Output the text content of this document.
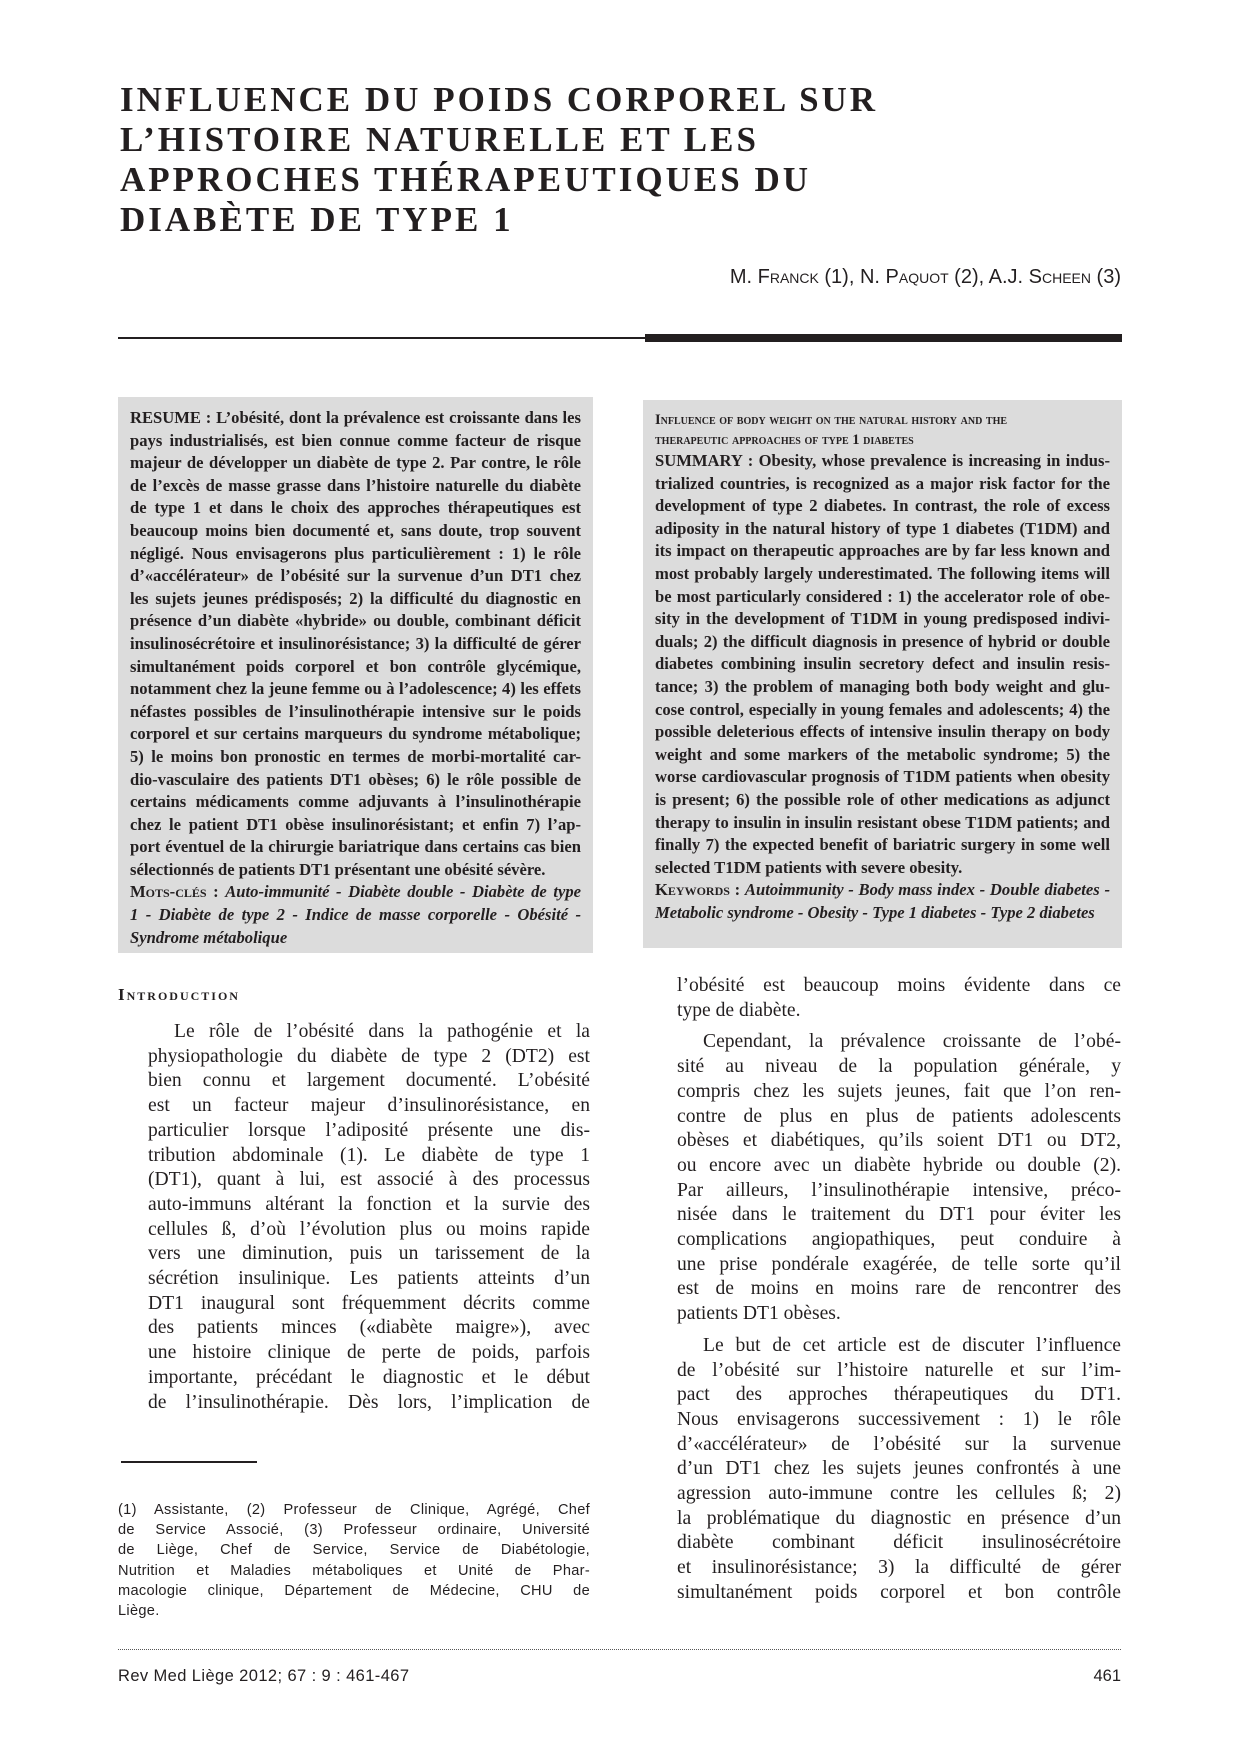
INFLUENCE DU POIDS CORPOREL SUR
L’HISTOIRE NATURELLE ET LES
APPROCHES THÉRAPEUTIQUES DU
DIABÈTE DE TYPE 1
M. Franck (1), N. Paquot (2), A.J. Scheen (3)
RESUME : L’obésité, dont la prévalence est croissante dans les
pays industrialisés, est bien connue comme facteur de risque
majeur de développer un diabète de type 2. Par contre, le rôle
de l’excès de masse grasse dans l’histoire naturelle du diabète
de type 1 et dans le choix des approches thérapeutiques est
beaucoup moins bien documenté et, sans doute, trop souvent
négligé. Nous envisagerons plus particulièrement : 1) le rôle
d’«accélérateur» de l’obésité sur la survenue d’un DT1 chez
les sujets jeunes prédisposés; 2) la difficulté du diagnostic en
présence d’un diabète «hybride» ou double, combinant déficit
insulinosécrétoire et insulinorésistance; 3) la difficulté de gérer
simultanément poids corporel et bon contrôle glycémique,
notamment chez la jeune femme ou à l’adolescence; 4) les effets
néfastes possibles de l’insulinothérapie intensive sur le poids
corporel et sur certains marqueurs du syndrome métabolique;
5) le moins bon pronostic en termes de morbi-mortalité car-
dio-vasculaire des patients DT1 obèses; 6) le rôle possible de
certains médicaments comme adjuvants à l’insulinothérapie
chez le patient DT1 obèse insulinorésistant; et enfin 7) l’ap-
port éventuel de la chirurgie bariatrique dans certains cas bien
sélectionnés de patients DT1 présentant une obésité sévère.
Mots-clés : Auto-immunité - Diabète double - Diabète de type
1 - Diabète de type 2 - Indice de masse corporelle - Obésité -
Syndrome métabolique
Influence of body weight on the natural history and the
therapeutic approaches of type 1 diabetes
SUMMARY : Obesity, whose prevalence is increasing in indus-
trialized countries, is recognized as a major risk factor for the
development of type 2 diabetes. In contrast, the role of excess
adiposity in the natural history of type 1 diabetes (T1DM) and
its impact on therapeutic approaches are by far less known and
most probably largely underestimated. The following items will
be most particularly considered : 1) the accelerator role of obe-
sity in the development of T1DM in young predisposed indivi-
duals; 2) the difficult diagnosis in presence of hybrid or double
diabetes combining insulin secretory defect and insulin resis-
tance; 3) the problem of managing both body weight and glu-
cose control, especially in young females and adolescents; 4) the
possible deleterious effects of intensive insulin therapy on body
weight and some markers of the metabolic syndrome; 5) the
worse cardiovascular prognosis of T1DM patients when obesity
is present; 6) the possible role of other medications as adjunct
therapy to insulin in insulin resistant obese T1DM patients; and
finally 7) the expected benefit of bariatric surgery in some well
selected T1DM patients with severe obesity.
Keywords : Autoimmunity - Body mass index - Double diabetes -
Metabolic syndrome - Obesity - Type 1 diabetes - Type 2 diabetes
Introduction
Le rôle de l’obésité dans la pathogénie et la
physiopathologie du diabète de type 2 (DT2) est
bien connu et largement documenté. L’obésité
est un facteur majeur d’insulinorésistance, en
particulier lorsque l’adiposité présente une dis-
tribution abdominale (1). Le diabète de type 1
(DT1), quant à lui, est associé à des processus
auto-immuns altérant la fonction et la survie des
cellules ß, d’où l’évolution plus ou moins rapide
vers une diminution, puis un tarissement de la
sécrétion insulinique. Les patients atteints d’un
DT1 inaugural sont fréquemment décrits comme
des patients minces («diabète maigre»), avec
une histoire clinique de perte de poids, parfois
importante, précédant le diagnostic et le début
de l’insulinothérapie. Dès lors, l’implication de
l’obésité est beaucoup moins évidente dans ce
type de diabète.
Cependant, la prévalence croissante de l’obé-
sité au niveau de la population générale, y
compris chez les sujets jeunes, fait que l’on ren-
contre de plus en plus de patients adolescents
obèses et diabétiques, qu’ils soient DT1 ou DT2,
ou encore avec un diabète hybride ou double (2).
Par ailleurs, l’insulinothérapie intensive, préco-
nisée dans le traitement du DT1 pour éviter les
complications angiopathiques, peut conduire à
une prise pondérale exagérée, de telle sorte qu’il
est de moins en moins rare de rencontrer des
patients DT1 obèses.
Le but de cet article est de discuter l’influence
de l’obésité sur l’histoire naturelle et sur l’im-
pact des approches thérapeutiques du DT1.
Nous envisagerons successivement : 1) le rôle
d’«accélérateur» de l’obésité sur la survenue
d’un DT1 chez les sujets jeunes confrontés à une
agression auto-immune contre les cellules ß; 2)
la problématique du diagnostic en présence d’un
diabète combinant déficit insulinosécrétoire
et insulinorésistance; 3) la difficulté de gérer
simultanément poids corporel et bon contrôle
(1) Assistante, (2) Professeur de Clinique, Agrégé, Chef
de Service Associé, (3) Professeur ordinaire, Université
de Liège, Chef de Service, Service de Diabétologie,
Nutrition et Maladies métaboliques et Unité de Phar-
macologie clinique, Département de Médecine, CHU de
Liège.
Rev Med Liège 2012; 67 : 9 : 461-467	461
